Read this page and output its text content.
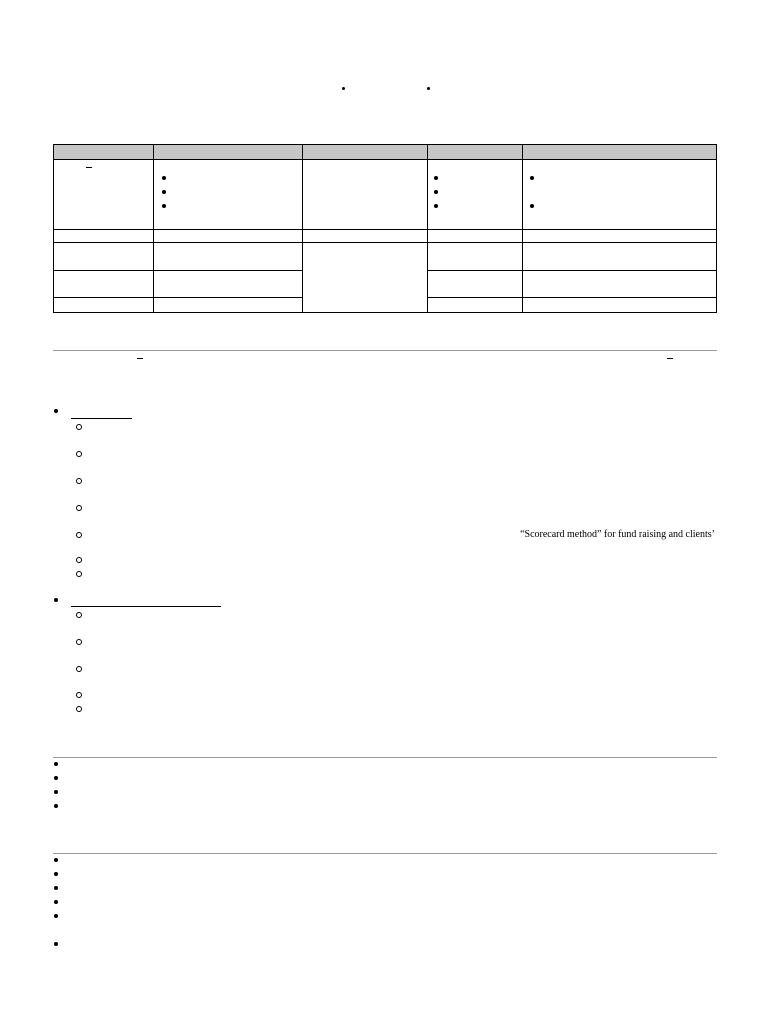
“Scorecard method” for fund raising and clients’
